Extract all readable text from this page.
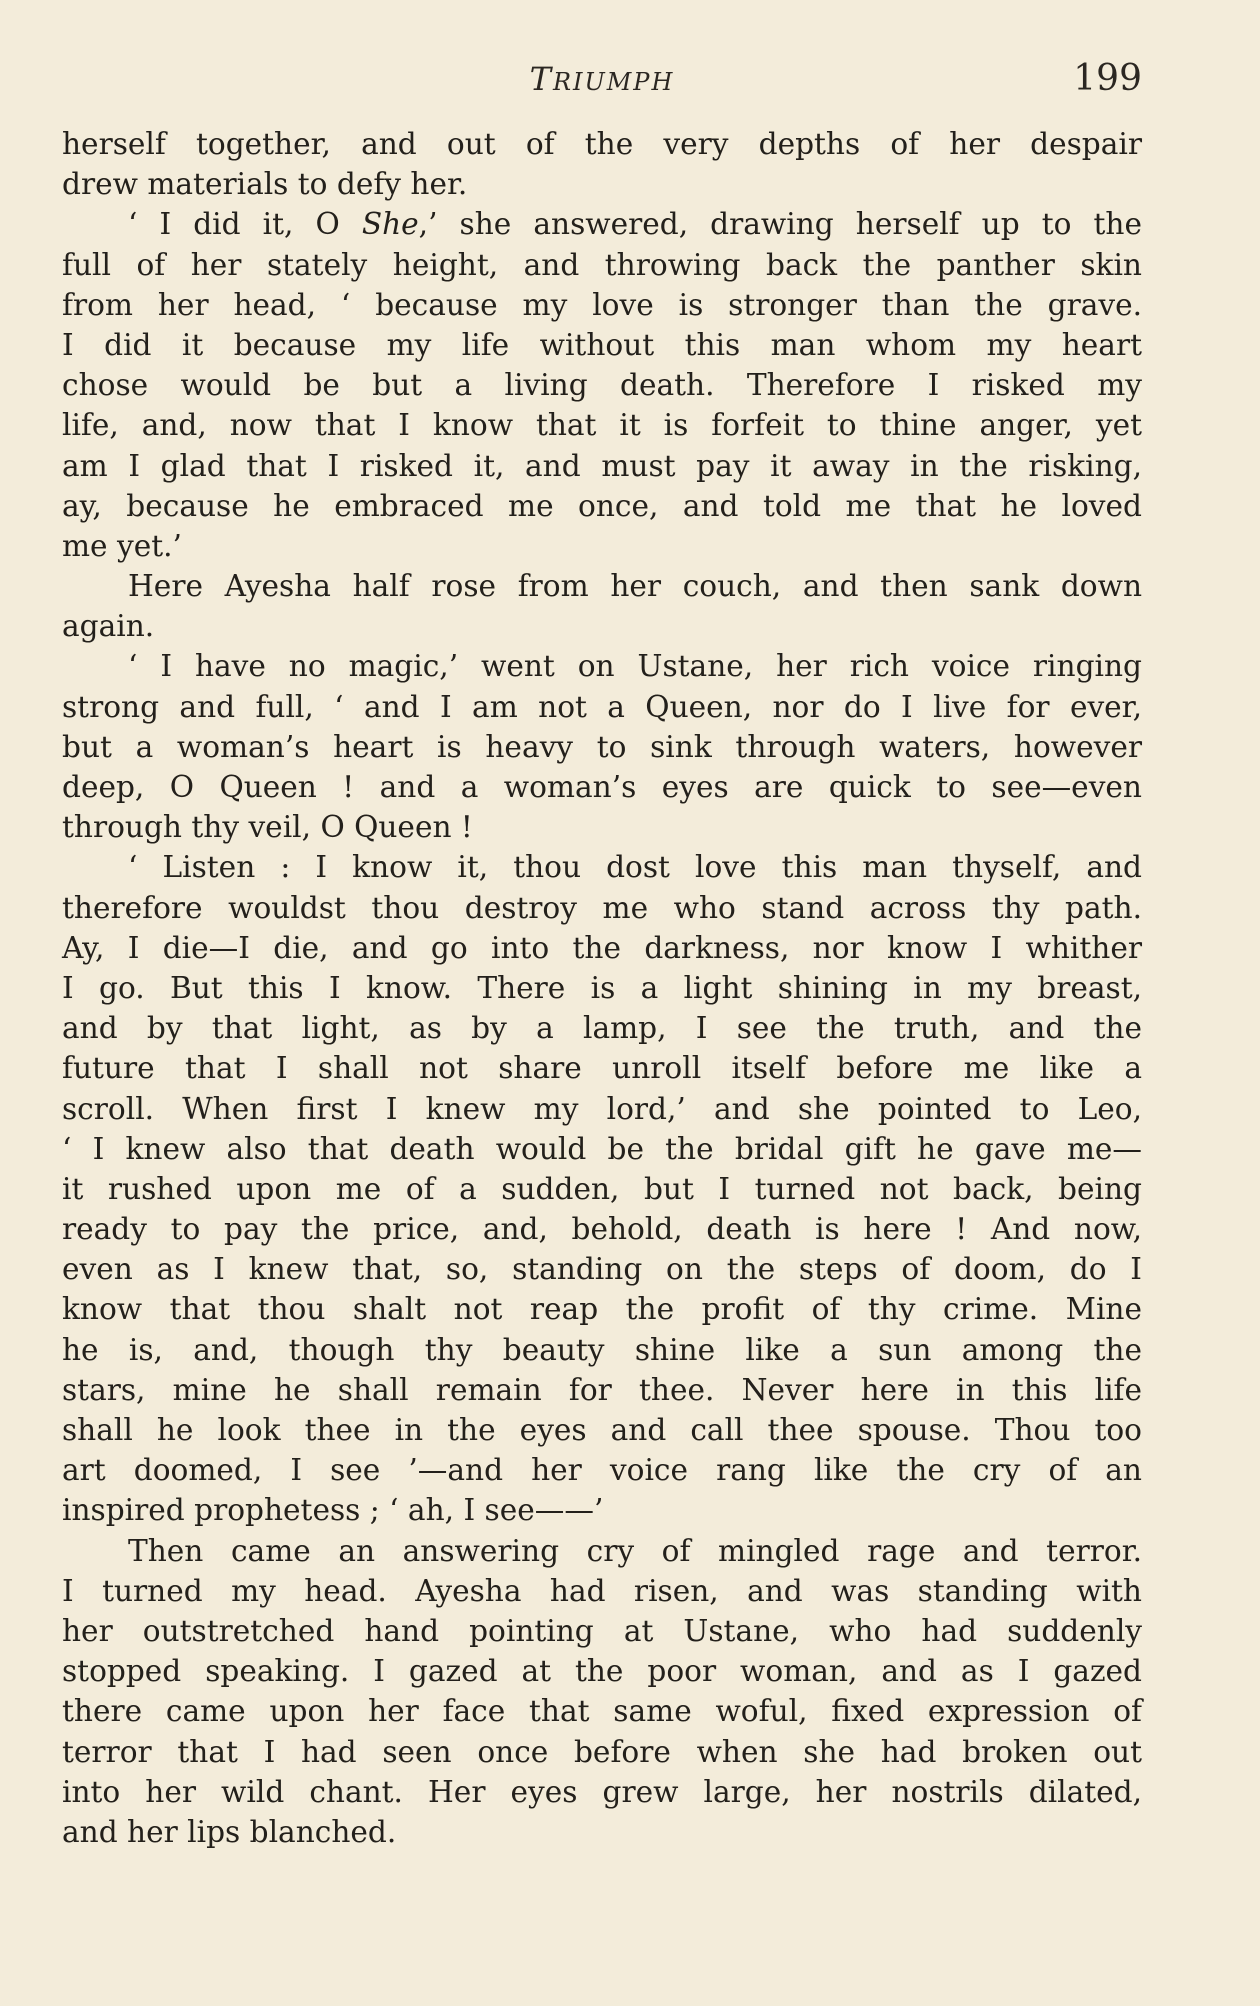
TRIUMPH	199
herself together, and out of the very depths of her despair
drew materials to defy her.
‘ I did it, O She,’ she answered, drawing herself up to the
full of her stately height, and throwing back the panther skin
from her head, ‘ because my love is stronger than the grave.
I did it because my life without this man whom my heart
chose would be but a living death. Therefore I risked my
life, and, now that I know that it is forfeit to thine anger, yet
am I glad that I risked it, and must pay it away in the risking,
ay, because he embraced me once, and told me that he loved
me yet.’
Here Ayesha half rose from her couch, and then sank down
again.
‘ I have no magic,’ went on Ustane, her rich voice ringing
strong and full, ‘ and I am not a Queen, nor do I live for ever,
but a woman’s heart is heavy to sink through waters, however
deep, O Queen ! and a woman’s eyes are quick to see—even
through thy veil, O Queen !
‘ Listen : I know it, thou dost love this man thyself, and
therefore wouldst thou destroy me who stand across thy path.
Ay, I die—I die, and go into the darkness, nor know I whither
I go. But this I know. There is a light shining in my breast,
and by that light, as by a lamp, I see the truth, and the
future that I shall not share unroll itself before me like a
scroll. When first I knew my lord,’ and she pointed to Leo,
‘ I knew also that death would be the bridal gift he gave me—
it rushed upon me of a sudden, but I turned not back, being
ready to pay the price, and, behold, death is here ! And now,
even as I knew that, so, standing on the steps of doom, do I
know that thou shalt not reap the profit of thy crime. Mine
he is, and, though thy beauty shine like a sun among the
stars, mine he shall remain for thee. Never here in this life
shall he look thee in the eyes and call thee spouse. Thou too
art doomed, I see ’—and her voice rang like the cry of an
inspired prophetess ; ‘ ah, I see——’
Then came an answering cry of mingled rage and terror.
I turned my head. Ayesha had risen, and was standing with
her outstretched hand pointing at Ustane, who had suddenly
stopped speaking. I gazed at the poor woman, and as I gazed
there came upon her face that same woful, fixed expression of
terror that I had seen once before when she had broken out
into her wild chant. Her eyes grew large, her nostrils dilated,
and her lips blanched.
